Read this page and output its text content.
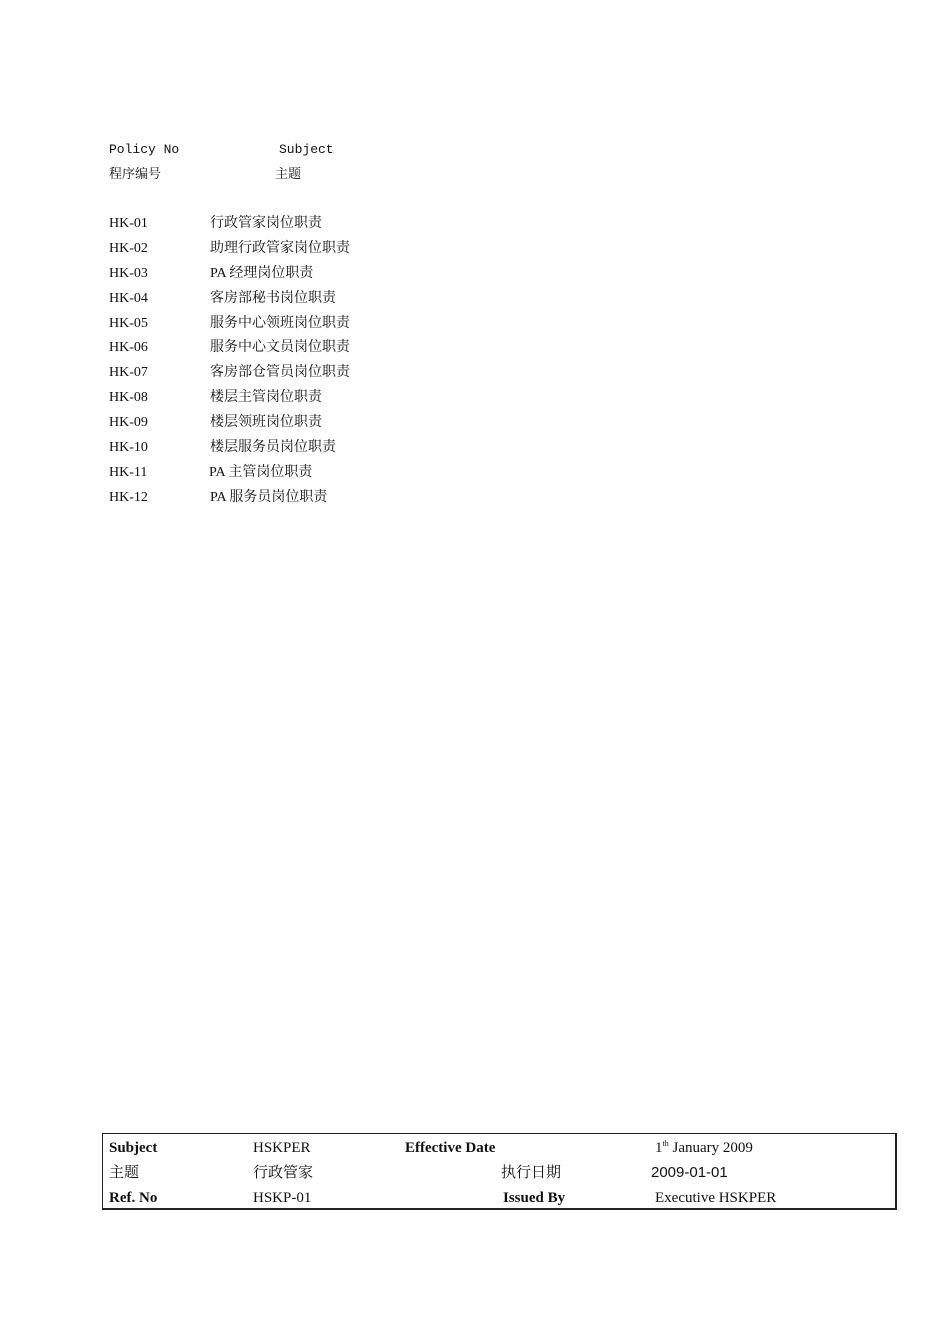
Policy No	Subject
程序编号	主题
HK-01	行政管家岗位职责
HK-02	助理行政管家岗位职责
HK-03	PA 经理岗位职责
HK-04	客房部秘书岗位职责
HK-05	服务中心领班岗位职责
HK-06	服务中心文员岗位职责
HK-07	客房部仓管员岗位职责
HK-08	楼层主管岗位职责
HK-09	楼层领班岗位职责
HK-10	楼层服务员岗位职责
HK-11	PA 主管岗位职责
HK-12	PA 服务员岗位职责
Subject	HSKPER	Effective Date	1th January 2009
主题	行政管家	执行日期	2009-01-01
Ref. No	HSKP-01	Issued By	Executive HSKPER
